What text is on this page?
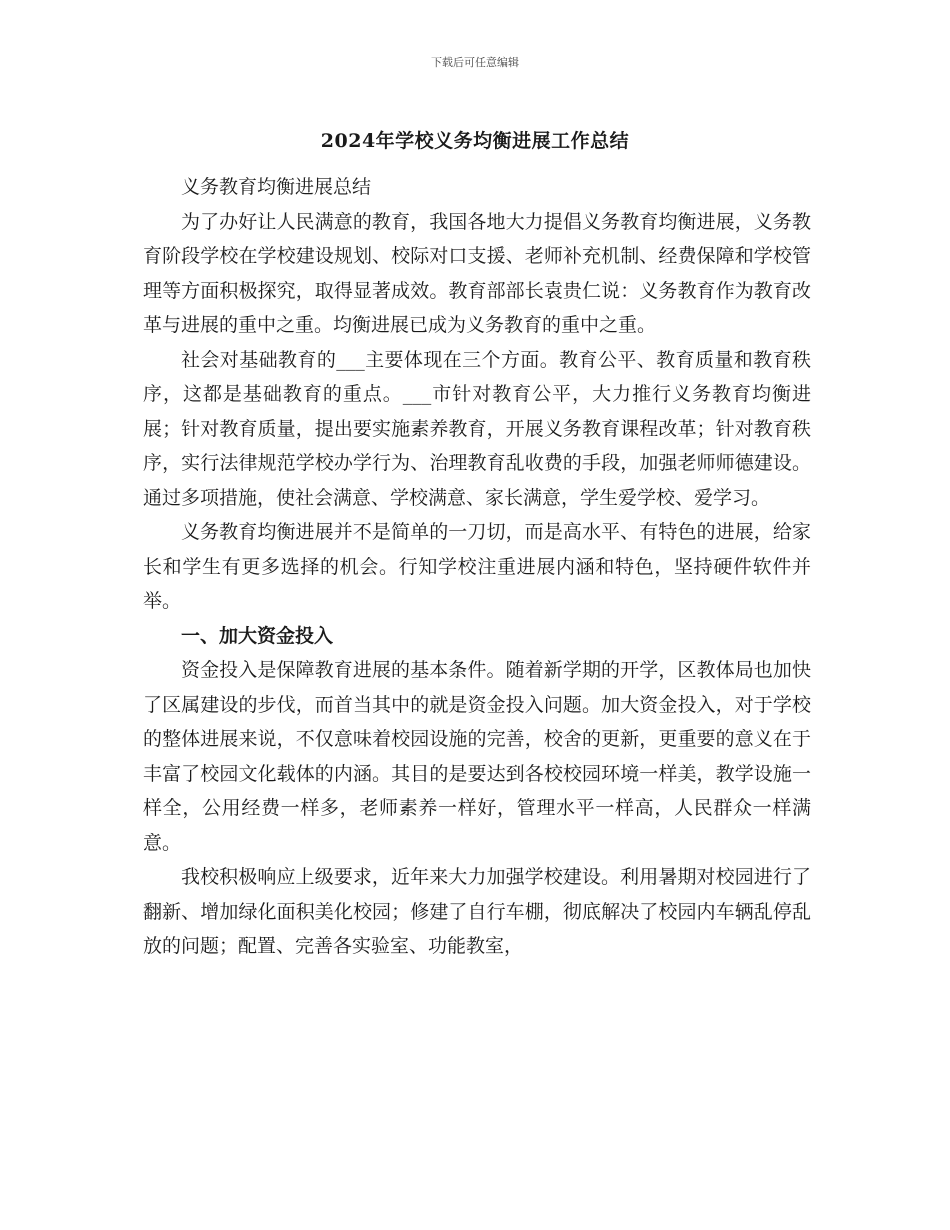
下载后可任意编辑
2024年学校义务均衡进展工作总结

义务教育均衡进展总结

为了办好让人民满意的教育，我国各地大力提倡义务教育均衡进展，义务教育阶段学校在学校建设规划、校际对口支援、老师补充机制、经费保障和学校管理等方面积极探究，取得显著成效。教育部部长袁贵仁说：义务教育作为教育改革与进展的重中之重。均衡进展已成为义务教育的重中之重。

社会对基础教育的___主要体现在三个方面。教育公平、教育质量和教育秩序，这都是基础教育的重点。___市针对教育公平，大力推行义务教育均衡进展；针对教育质量，提出要实施素养教育，开展义务教育课程改革；针对教育秩序，实行法律规范学校办学行为、治理教育乱收费的手段，加强老师师德建设。通过多项措施，使社会满意、学校满意、家长满意，学生爱学校、爱学习。

义务教育均衡进展并不是简单的一刀切，而是高水平、有特色的进展，给家长和学生有更多选择的机会。行知学校注重进展内涵和特色，坚持硬件软件并举。

一、加大资金投入

资金投入是保障教育进展的基本条件。随着新学期的开学，区教体局也加快了区属建设的步伐，而首当其中的就是资金投入问题。加大资金投入，对于学校的整体进展来说，不仅意味着校园设施的完善，校舍的更新，更重要的意义在于丰富了校园文化载体的内涵。其目的是要达到各校校园环境一样美，教学设施一样全，公用经费一样多，老师素养一样好，管理水平一样高，人民群众一样满意。

我校积极响应上级要求，近年来大力加强学校建设。利用暑期对校园进行了翻新、增加绿化面积美化校园；修建了自行车棚，彻底解决了校园内车辆乱停乱放的问题；配置、完善各实验室、功能教室，
